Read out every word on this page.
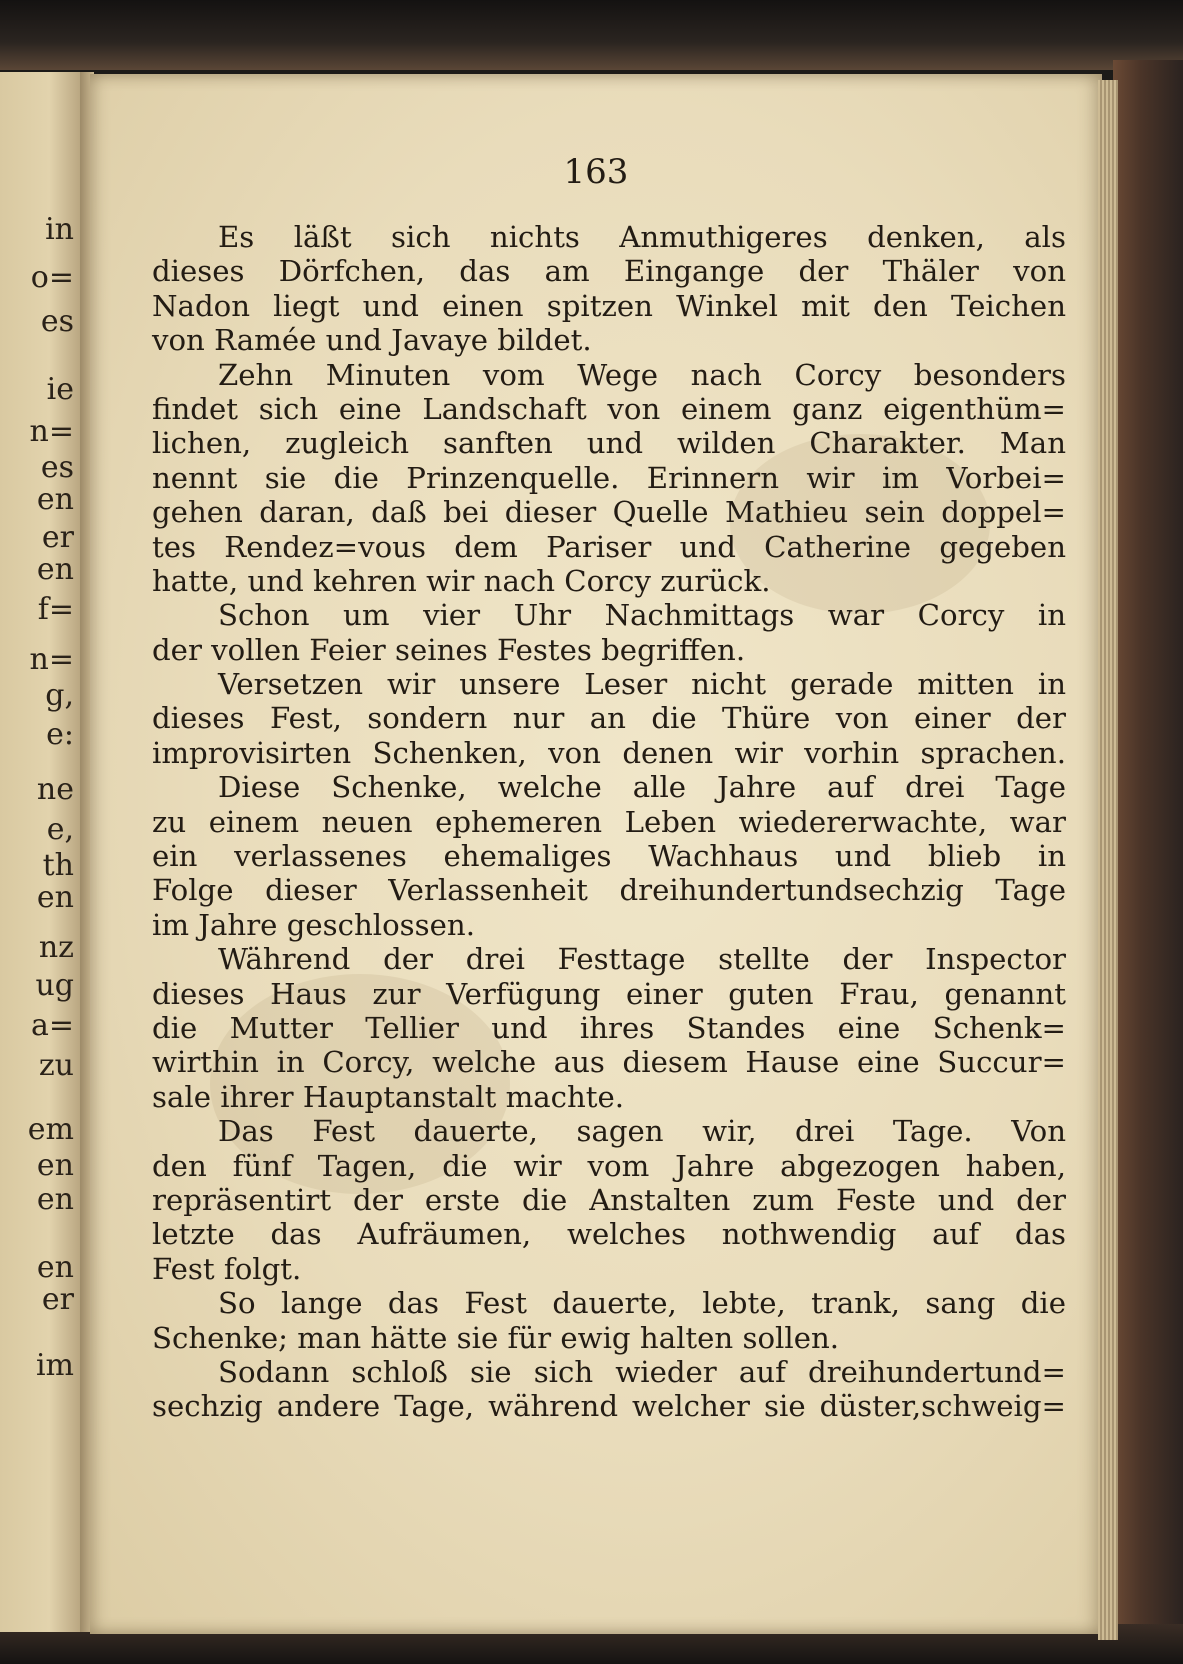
in
o=
es
ie
n=
es
en
er
en
f=
n=
g,
e:
ne
e,
th
en
nz
ug
a=
zu
em
en
en
en
er
im
163
Es läßt sich nichts Anmuthigeres denken, als
dieses Dörfchen, das am Eingange der Thäler von
Nadon liegt und einen spitzen Winkel mit den Teichen
von Ramée und Javaye bildet.
Zehn Minuten vom Wege nach Corcy besonders
findet sich eine Landschaft von einem ganz eigenthüm=
lichen, zugleich sanften und wilden Charakter. Man
nennt sie die Prinzenquelle. Erinnern wir im Vorbei=
gehen daran, daß bei dieser Quelle Mathieu sein doppel=
tes Rendez=vous dem Pariser und Catherine gegeben
hatte, und kehren wir nach Corcy zurück.
Schon um vier Uhr Nachmittags war Corcy in
der vollen Feier seines Festes begriffen.
Versetzen wir unsere Leser nicht gerade mitten in
dieses Fest, sondern nur an die Thüre von einer der
improvisirten Schenken, von denen wir vorhin sprachen.
Diese Schenke, welche alle Jahre auf drei Tage
zu einem neuen ephemeren Leben wiedererwachte, war
ein verlassenes ehemaliges Wachhaus und blieb in
Folge dieser Verlassenheit dreihundertundsechzig Tage
im Jahre geschlossen.
Während der drei Festtage stellte der Inspector
dieses Haus zur Verfügung einer guten Frau, genannt
die Mutter Tellier und ihres Standes eine Schenk=
wirthin in Corcy, welche aus diesem Hause eine Succur=
sale ihrer Hauptanstalt machte.
Das Fest dauerte, sagen wir, drei Tage. Von
den fünf Tagen, die wir vom Jahre abgezogen haben,
repräsentirt der erste die Anstalten zum Feste und der
letzte das Aufräumen, welches nothwendig auf das
Fest folgt.
So lange das Fest dauerte, lebte, trank, sang die
Schenke; man hätte sie für ewig halten sollen.
Sodann schloß sie sich wieder auf dreihundertund=
sechzig andere Tage, während welcher sie düster,schweig=
